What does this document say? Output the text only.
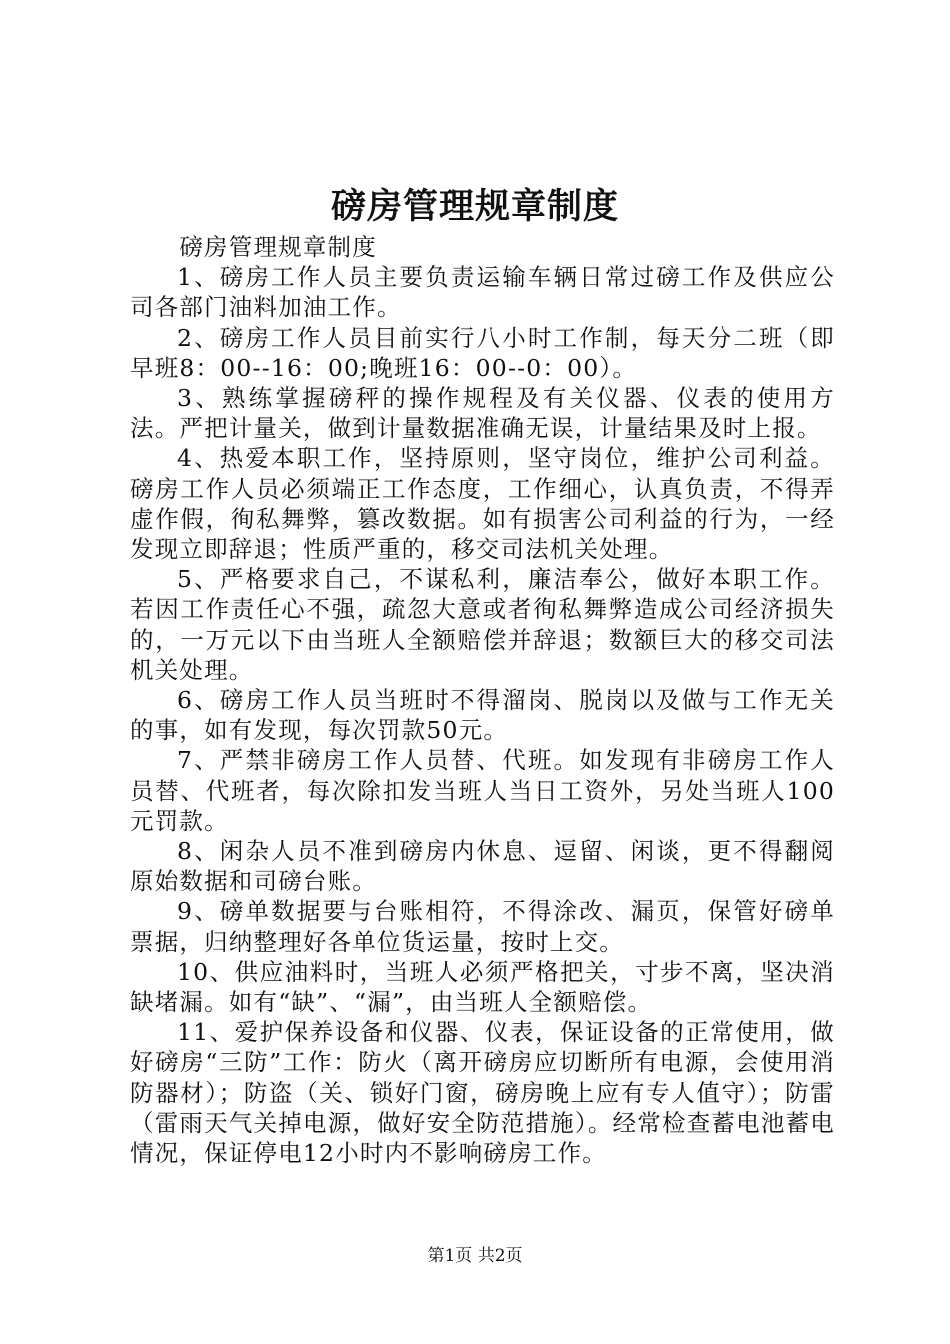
磅房管理规章制度

磅房管理规章制度

1、磅房工作人员主要负责运输车辆日常过磅工作及供应公司各部门油料加油工作。

2、磅房工作人员目前实行八小时工作制，每天分二班（即早班8：00--16：00;晚班16：00--0：00）。

3、熟练掌握磅秤的操作规程及有关仪器、仪表的使用方法。严把计量关，做到计量数据准确无误，计量结果及时上报。

4、热爱本职工作，坚持原则，坚守岗位，维护公司利益。磅房工作人员必须端正工作态度，工作细心，认真负责，不得弄虚作假，徇私舞弊，篡改数据。如有损害公司利益的行为，一经发现立即辞退；性质严重的，移交司法机关处理。

5、严格要求自己，不谋私利，廉洁奉公，做好本职工作。若因工作责任心不强，疏忽大意或者徇私舞弊造成公司经济损失的，一万元以下由当班人全额赔偿并辞退；数额巨大的移交司法机关处理。

6、磅房工作人员当班时不得溜岗、脱岗以及做与工作无关的事，如有发现，每次罚款50元。

7、严禁非磅房工作人员替、代班。如发现有非磅房工作人员替、代班者，每次除扣发当班人当日工资外，另处当班人100元罚款。

8、闲杂人员不准到磅房内休息、逗留、闲谈，更不得翻阅原始数据和司磅台账。

9、磅单数据要与台账相符，不得涂改、漏页，保管好磅单票据，归纳整理好各单位货运量，按时上交。

10、供应油料时，当班人必须严格把关，寸步不离，坚决消缺堵漏。如有“缺”、“漏”，由当班人全额赔偿。

11、爱护保养设备和仪器、仪表，保证设备的正常使用，做好磅房“三防”工作：防火（离开磅房应切断所有电源，会使用消防器材）；防盗（关、锁好门窗，磅房晚上应有专人值守）；防雷（雷雨天气关掉电源，做好安全防范措施）。经常检查蓄电池蓄电情况，保证停电12小时内不影响磅房工作。

第1页 共2页
